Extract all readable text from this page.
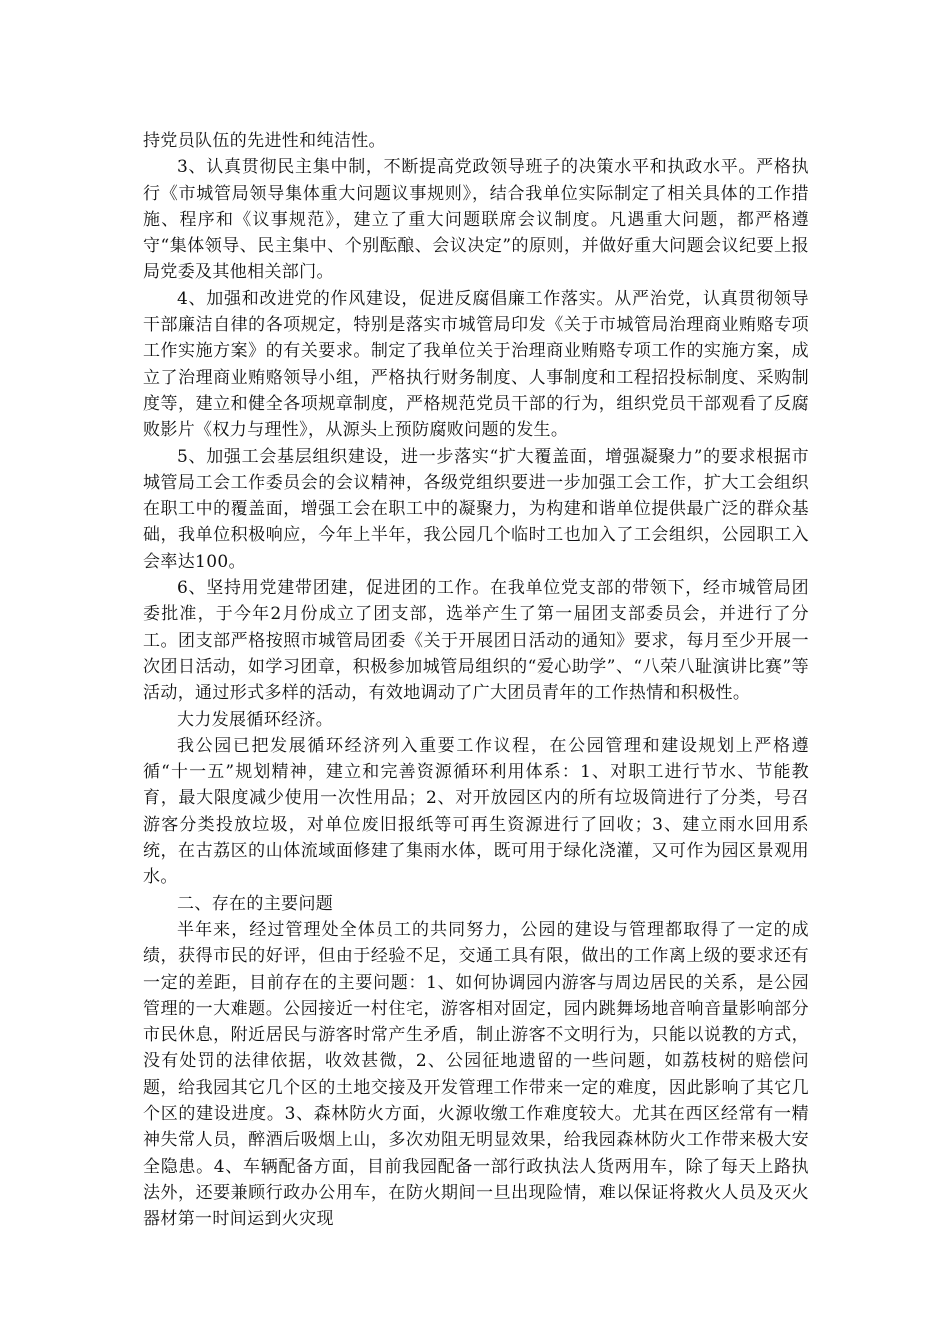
持党员队伍的先进性和纯洁性。

3、认真贯彻民主集中制，不断提高党政领导班子的决策水平和执政水平。严格执行《市城管局领导集体重大问题议事规则》，结合我单位实际制定了相关具体的工作措施、程序和《议事规范》，建立了重大问题联席会议制度。凡遇重大问题，都严格遵守“集体领导、民主集中、个别酝酿、会议决定”的原则，并做好重大问题会议纪要上报局党委及其他相关部门。

4、加强和改进党的作风建设，促进反腐倡廉工作落实。从严治党，认真贯彻领导干部廉洁自律的各项规定，特别是落实市城管局印发《关于市城管局治理商业贿赂专项工作实施方案》的有关要求。制定了我单位关于治理商业贿赂专项工作的实施方案，成立了治理商业贿赂领导小组，严格执行财务制度、人事制度和工程招投标制度、采购制度等，建立和健全各项规章制度，严格规范党员干部的行为，组织党员干部观看了反腐败影片《权力与理性》，从源头上预防腐败问题的发生。

5、加强工会基层组织建设，进一步落实“扩大覆盖面，增强凝聚力”的要求根据市城管局工会工作委员会的会议精神，各级党组织要进一步加强工会工作，扩大工会组织在职工中的覆盖面，增强工会在职工中的凝聚力，为构建和谐单位提供最广泛的群众基础，我单位积极响应，今年上半年，我公园几个临时工也加入了工会组织，公园职工入会率达100。

6、坚持用党建带团建，促进团的工作。在我单位党支部的带领下，经市城管局团委批准，于今年2月份成立了团支部，选举产生了第一届团支部委员会，并进行了分工。团支部严格按照市城管局团委《关于开展团日活动的通知》要求，每月至少开展一次团日活动，如学习团章，积极参加城管局组织的“爱心助学”、“八荣八耻演讲比赛”等活动，通过形式多样的活动，有效地调动了广大团员青年的工作热情和积极性。

大力发展循环经济。

我公园已把发展循环经济列入重要工作议程，在公园管理和建设规划上严格遵循“十一五”规划精神，建立和完善资源循环利用体系：1、对职工进行节水、节能教育，最大限度减少使用一次性用品；2、对开放园区内的所有垃圾筒进行了分类，号召游客分类投放垃圾，对单位废旧报纸等可再生资源进行了回收；3、建立雨水回用系统，在古荔区的山体流域面修建了集雨水体，既可用于绿化浇灌，又可作为园区景观用水。

二、存在的主要问题

半年来，经过管理处全体员工的共同努力，公园的建设与管理都取得了一定的成绩，获得市民的好评，但由于经验不足，交通工具有限，做出的工作离上级的要求还有一定的差距，目前存在的主要问题：1、如何协调园内游客与周边居民的关系，是公园管理的一大难题。公园接近一村住宅，游客相对固定，园内跳舞场地音响音量影响部分市民休息，附近居民与游客时常产生矛盾，制止游客不文明行为，只能以说教的方式，没有处罚的法律依据，收效甚微，2、公园征地遗留的一些问题，如荔枝树的赔偿问题，给我园其它几个区的土地交接及开发管理工作带来一定的难度，因此影响了其它几个区的建设进度。3、森林防火方面，火源收缴工作难度较大。尤其在西区经常有一精神失常人员，醉酒后吸烟上山，多次劝阻无明显效果，给我园森林防火工作带来极大安全隐患。4、车辆配备方面，目前我园配备一部行政执法人货两用车，除了每天上路执法外，还要兼顾行政办公用车，在防火期间一旦出现险情，难以保证将救火人员及灭火器材第一时间运到火灾现
